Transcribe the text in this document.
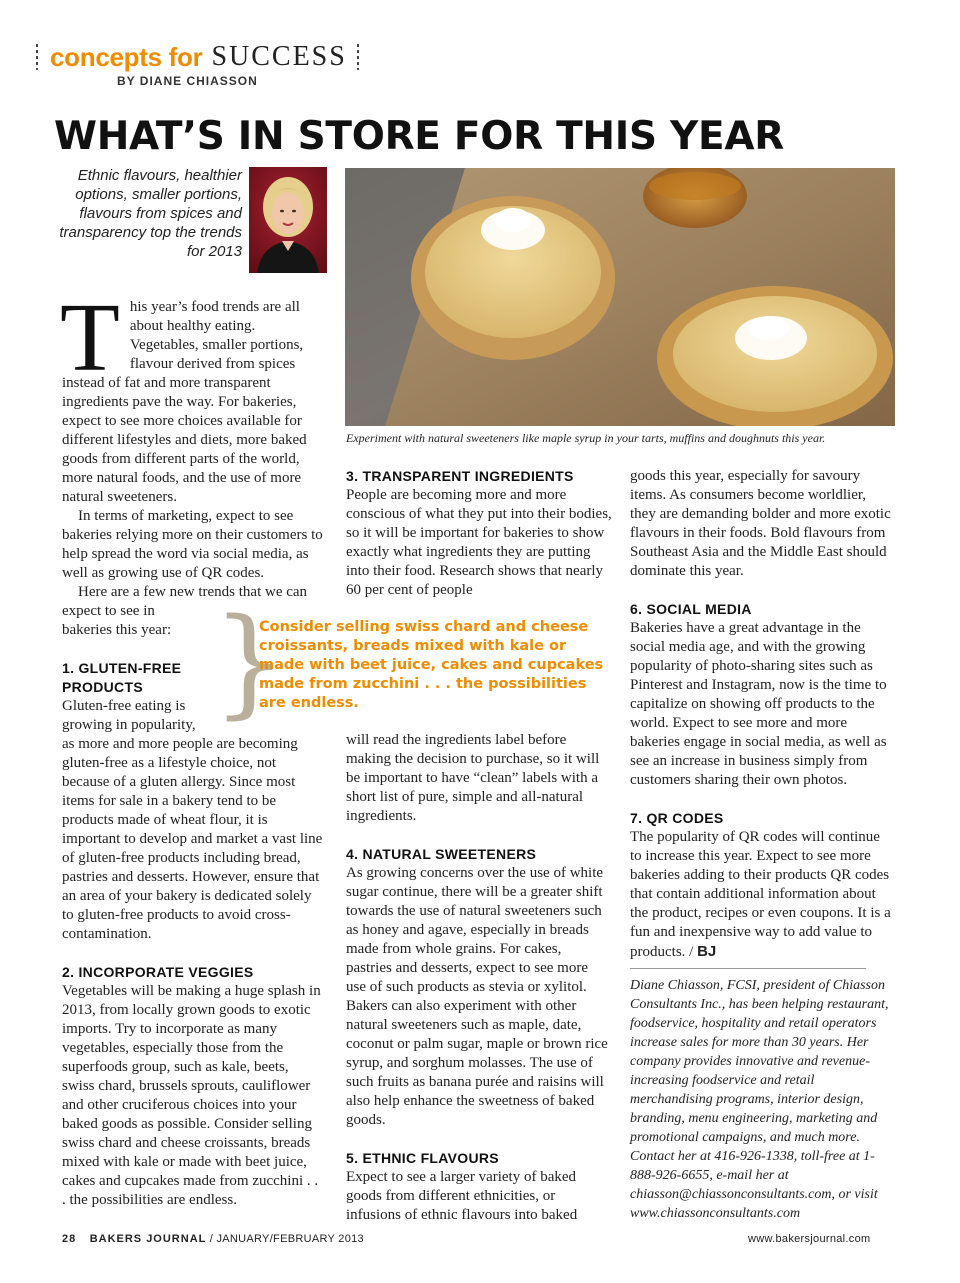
concepts for SUCCESS
BY DIANE CHIASSON
WHAT’S IN STORE FOR THIS YEAR
Ethnic flavours, healthier options, smaller portions, flavours from spices and transparency top the trends for 2013
Experiment with natural sweeteners like maple syrup in your tarts, muffins and doughnuts this year.
T his year’s food trends are all about healthy eating. Vegetables, smaller portions, flavour derived from spices instead of fat and more transparent ingredients pave the way. For bakeries, expect to see more choices available for different lifestyles and diets, more baked goods from different parts of the world, more natural foods, and the use of more natural sweeteners.

In terms of marketing, expect to see bakeries relying more on their customers to help spread the word via social media, as well as growing use of QR codes.

Here are a few new trends that we can

expect to see in

bakeries this year:

1. GLUTEN-FREE
PRODUCTS

Gluten-free eating is

growing in popularity,

as more and more people are becoming gluten-free as a lifestyle choice, not because of a gluten allergy. Since most items for sale in a bakery tend to be products made of wheat flour, it is important to develop and market a vast line of gluten-free products including bread, pastries and desserts. However, ensure that an area of your bakery is dedicated solely to gluten-free products to avoid cross-contamination.

2. INCORPORATE VEGGIES

Vegetables will be making a huge splash in 2013, from locally grown goods to exotic imports. Try to incorporate as many vegetables, especially those from the superfoods group, such as kale, beets, swiss chard, brussels sprouts, cauliflower and other cruciferous choices into your baked goods as possible. Consider selling swiss chard and cheese croissants, breads mixed with kale or made with beet juice, cakes and cupcakes made from zucchini . . . the possibilities are endless.

}
Consider selling swiss chard and cheese croissants, breads mixed with kale or made with beet juice, cakes and cupcakes made from zucchini . . . the possibilities are endless.
3. TRANSPARENT INGREDIENTS

People are becoming more and more conscious of what they put into their bodies, so it will be important for bakeries to show exactly what ingredients they are putting into their food. Research shows that nearly 60 per cent of people

will read the ingredients label before making the decision to purchase, so it will be important to have “clean” labels with a short list of pure, simple and all-natural ingredients.

4. NATURAL SWEETENERS

As growing concerns over the use of white sugar continue, there will be a greater shift towards the use of natural sweeteners such as honey and agave, especially in breads made from whole grains. For cakes, pastries and desserts, expect to see more use of such products as stevia or xylitol. Bakers can also experiment with other natural sweeteners such as maple, date, coconut or palm sugar, maple or brown rice syrup, and sorghum molasses. The use of such fruits as banana purée and raisins will also help enhance the sweetness of baked goods.

5. ETHNIC FLAVOURS

Expect to see a larger variety of baked goods from different ethnicities, or infusions of ethnic flavours into baked

goods this year, especially for savoury items. As consumers become worldlier, they are demanding bolder and more exotic flavours in their foods. Bold flavours from Southeast Asia and the Middle East should dominate this year.

6. SOCIAL MEDIA

Bakeries have a great advantage in the social media age, and with the growing popularity of photo-sharing sites such as Pinterest and Instagram, now is the time to capitalize on showing off products to the world. Expect to see more and more bakeries engage in social media, as well as see an increase in business simply from customers sharing their own photos.

7. QR CODES

The popularity of QR codes will continue to increase this year. Expect to see more bakeries adding to their products QR codes that contain additional information about the product, recipes or even coupons. It is a fun and inexpensive way to add value to products. / BJ

Diane Chiasson, FCSI, president of Chiasson Consultants Inc., has been helping restaurant, foodservice, hospitality and retail operators increase sales for more than 30 years. Her company provides innovative and revenue-increasing foodservice and retail merchandising programs, interior design, branding, menu engineering, marketing and promotional campaigns, and much more. Contact her at 416-926-1338, toll-free at 1-888-926-6655, e-mail her at chiasson@chiassonconsultants.com, or visit www.chiassonconsultants.com
28 BAKERS JOURNAL / JANUARY/FEBRUARY 2013	www.bakersjournal.com
